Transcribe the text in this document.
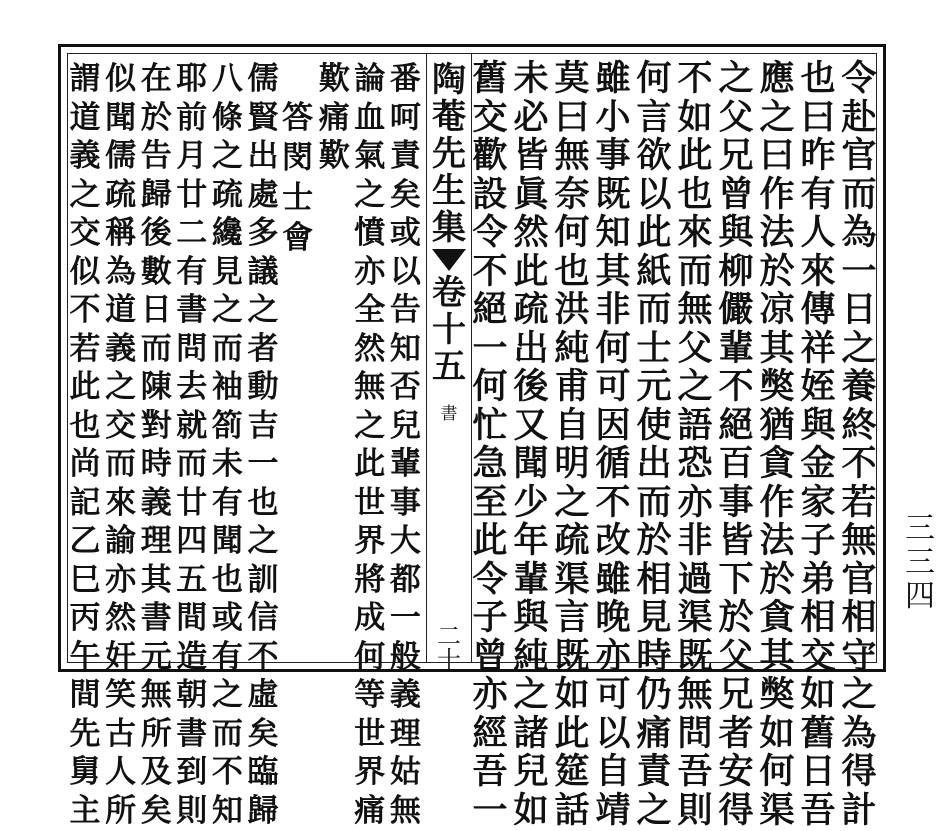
陶
菴
先
生
集
卷
十
五
書
二
十
令
赴
官
而
為
一
日
之
養
終
不
若
無
官
相
守
之
為
得
計
也
曰
昨
有
人
來
傳
祥
姪
與
金
家
子
弟
相
交
如
舊
日
吾
應
之
曰
作
法
於
凉
其
獘
猶
貪
作
法
於
貪
其
獘
如
何
渠
之
父
兄
曾
與
柳
儼
輩
不
絕
百
事
皆
下
於
父
兄
者
安
得
不
如
此
也
來
而
無
父
之
語
恐
亦
非
過
渠
既
無
問
吾
則
何
言
欲
以
此
紙
而
士
元
使
出
而
於
相
見
時
仍
痛
責
之
雖
小
事
既
知
其
非
何
可
因
循
不
改
雖
晚
亦
可
以
自
靖
莫
曰
無
奈
何
也
洪
純
甫
自
明
之
疏
渠
言
既
如
此
筵
話
未
必
皆
眞
然
此
疏
出
後
又
聞
少
年
輩
與
純
之
諸
兒
如
舊
交
歡
設
令
不
絕
一
何
忙
急
至
此
令
子
曾
亦
經
吾
一
番
呵
責
矣
或
以
告
知
否
兒
輩
事
大
都
一
般
義
理
姑
無
論
血
氣
之
憤
亦
全
然
無
之
此
世
界
將
成
何
等
世
界
痛
歎
痛
歎
儒
賢
出
處
多
議
之
者
動
吉
一
也
之
訓
信
不
虛
矣
臨
歸
八
條
之
疏
纔
見
之
而
袖
箚
未
有
聞
也
或
有
之
而
不
知
耶
前
月
廿
二
有
書
問
去
就
而
廿
四
五
間
造
朝
書
到
則
在
於
告
歸
後
數
日
而
陳
對
時
義
理
其
書
元
無
所
及
矣
似
聞
儒
疏
稱
為
道
義
之
交
而
來
諭
亦
然
奸
笑
古
人
所
謂
道
義
之
交
似
不
若
此
也
尚
記
乙
巳
丙
午
間
先
舅
主
三
三
四
答
閔
士
會
